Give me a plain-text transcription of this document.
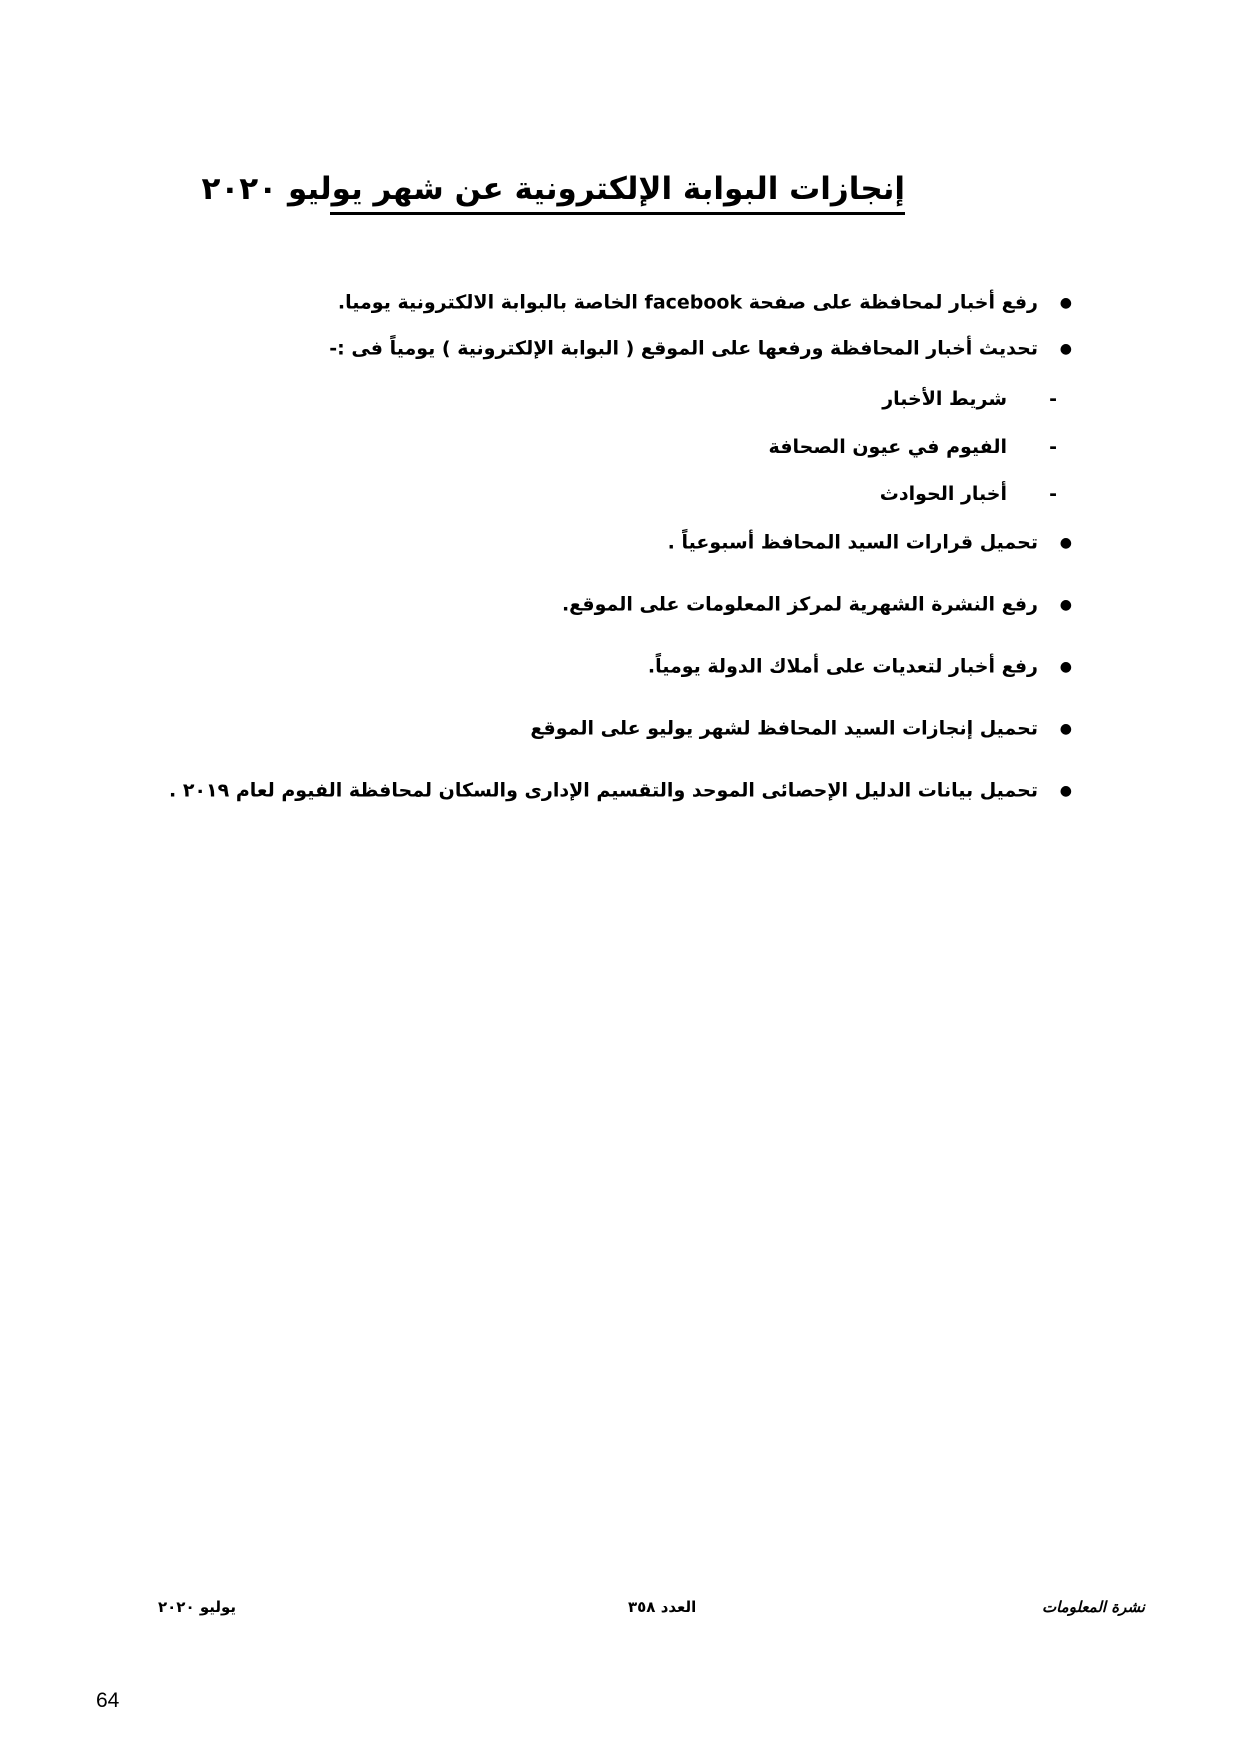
إنجازات البوابة الإلكترونية عن شهر يوليو ٢٠٢٠
●رفع أخبار لمحافظة على صفحة facebook الخاصة بالبوابة الالكترونية يوميا.
●تحديث أخبار المحافظة ورفعها على الموقع ( البوابة الإلكترونية ) يومياً فى :-
-شريط الأخبار
-الفيوم في عيون الصحافة
-أخبار الحوادث
●تحميل قرارات السيد المحافظ أسبوعياً .
●رفع النشرة الشهرية لمركز المعلومات على الموقع.
●رفع أخبار لتعديات على أملاك الدولة يومياً.
●تحميل إنجازات السيد المحافظ لشهر يوليو على الموقع
●تحميل بيانات الدليل الإحصائى الموحد والتقسيم الإدارى والسكان لمحافظة الفيوم لعام ٢٠١٩ .
يوليو ٢٠٢٠	العدد ٣٥٨	نشرة المعلومات
64
